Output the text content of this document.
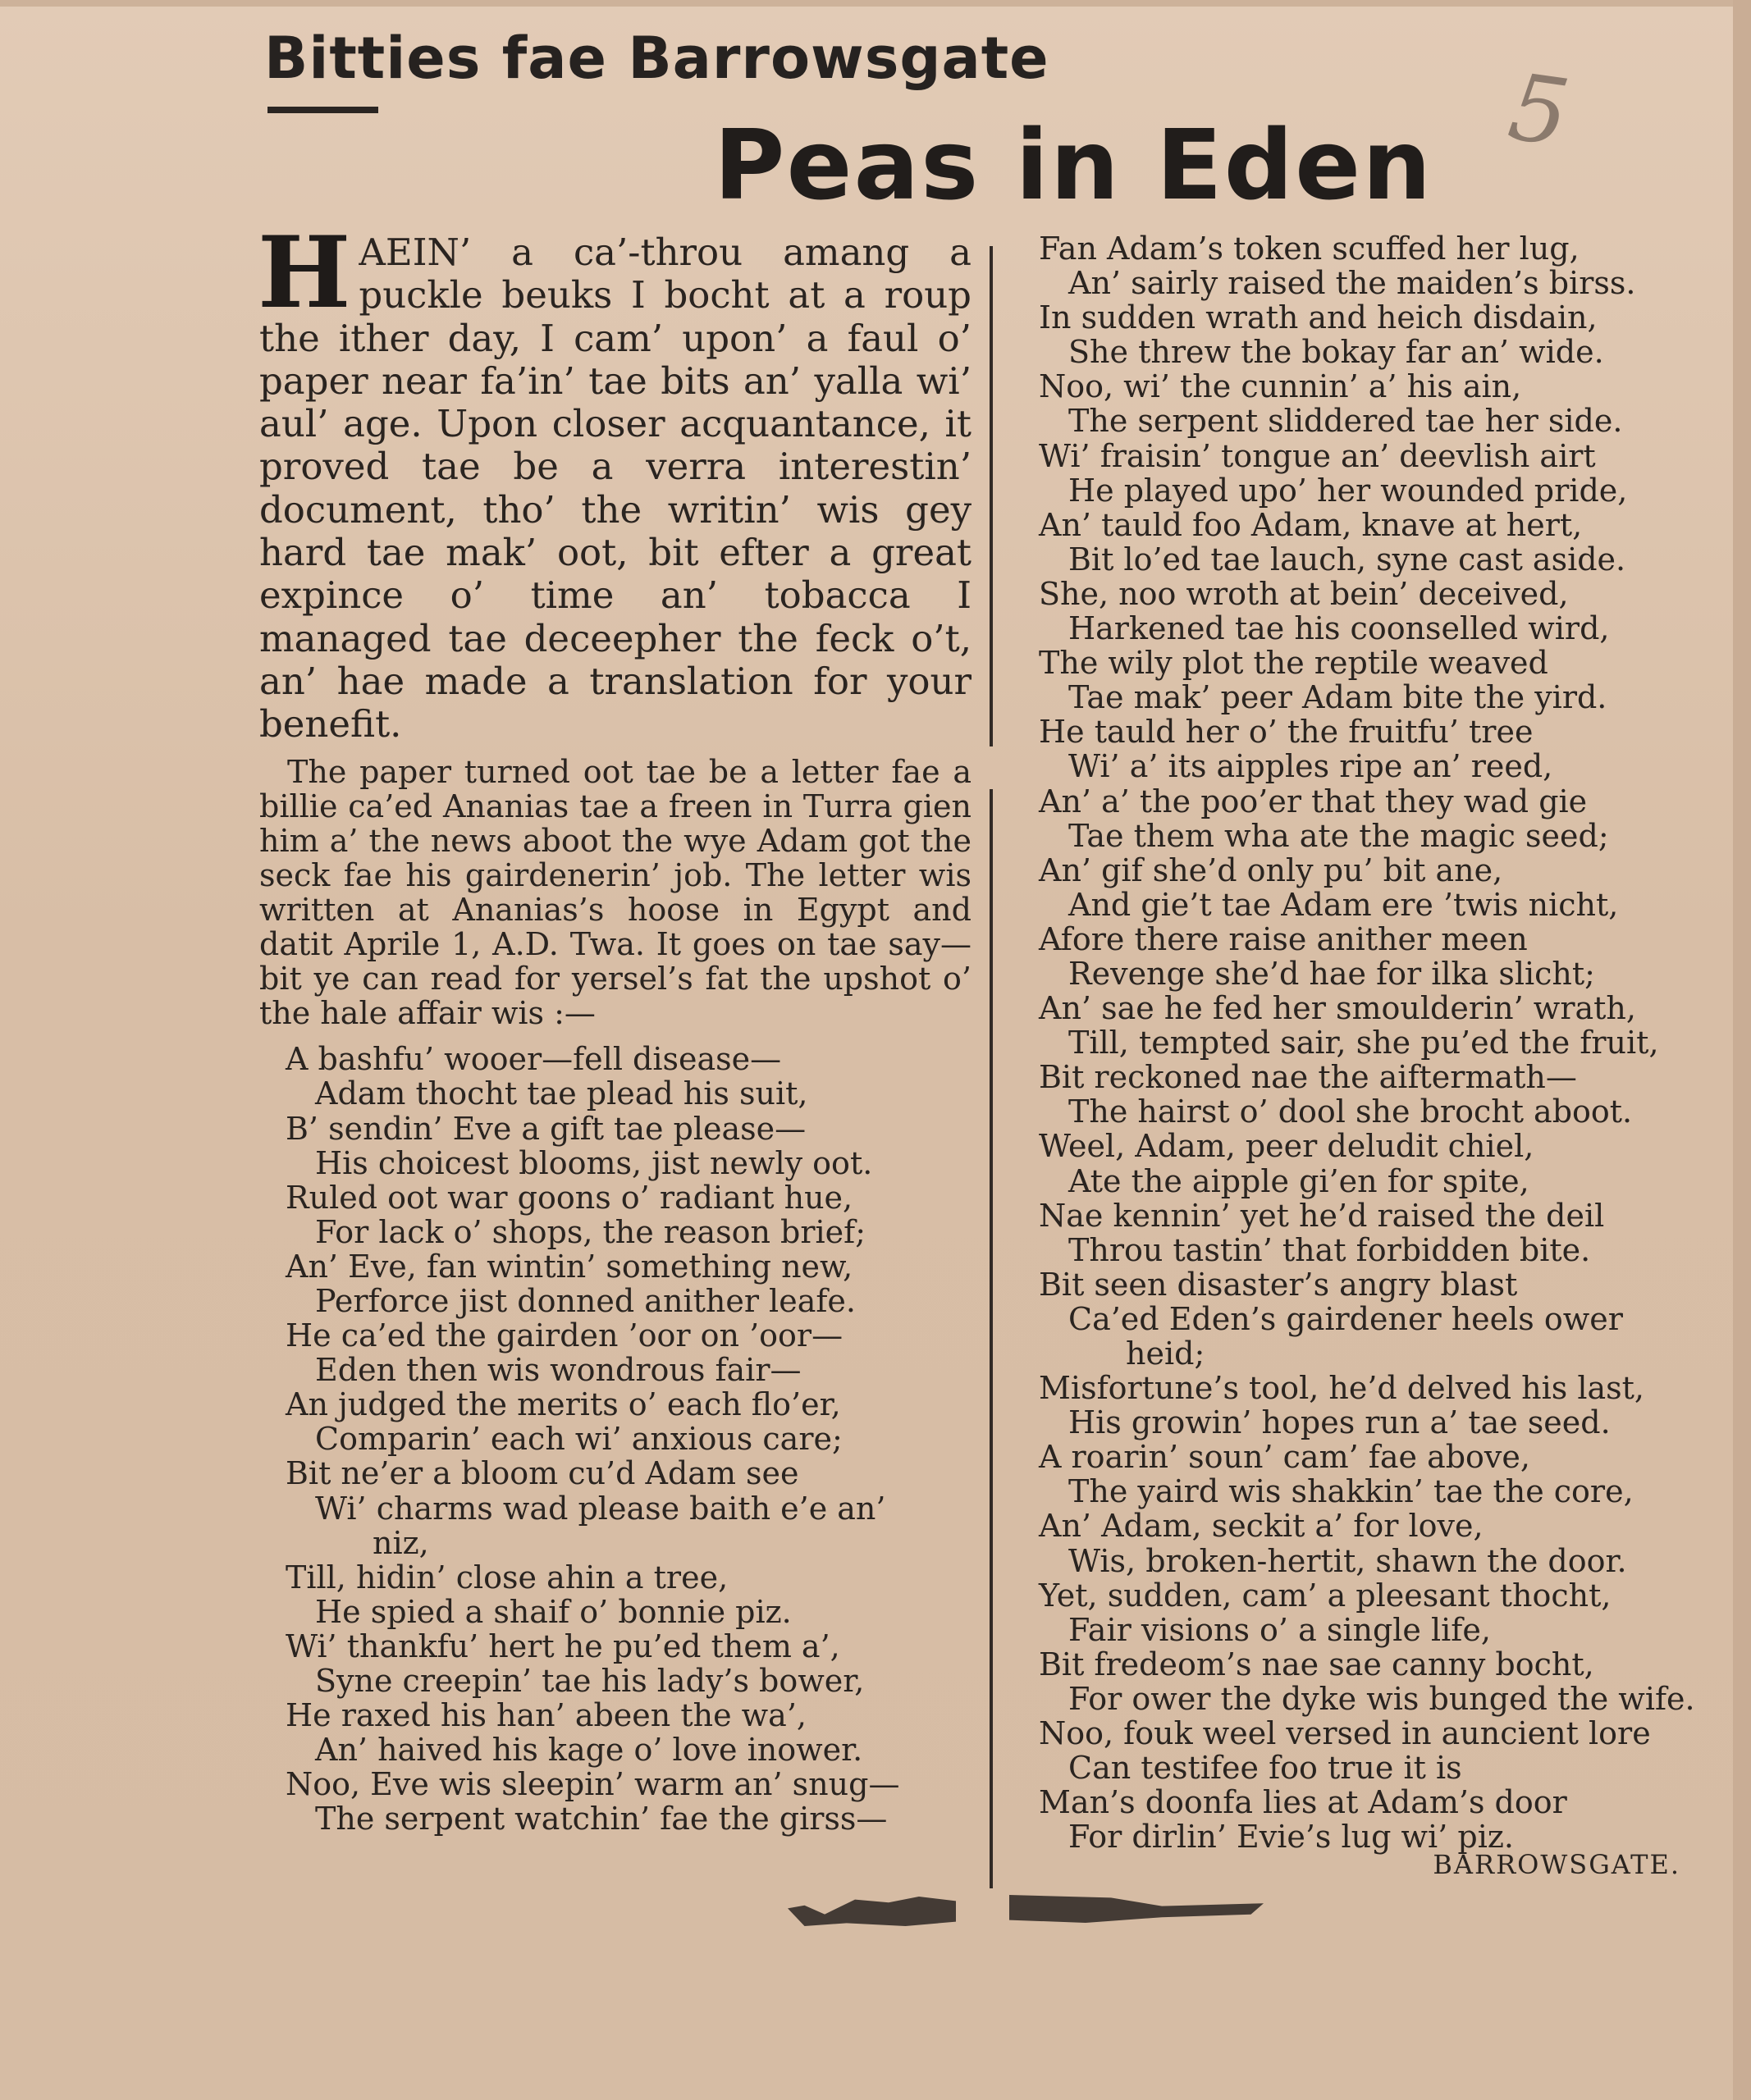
Bitties fae Barrowsgate
Peas in Eden 5

HAEIN’ a ca’-throu amang a puckle beuks I bocht at a roup the ither day, I cam’ upon’ a faul o’ paper near fa’in’ tae bits an’ yalla wi’ aul’ age. Upon closer acquantance, it proved tae be a verra interestin’ document, tho’ the writin’ wis gey hard tae mak’ oot, bit efter a great expince o’ time an’ tobacca I managed tae deceepher the feck o’t, an’ hae made a translation for your benefit.

The paper turned oot tae be a letter fae a billie ca’ed Ananias tae a freen in Turra gien him a’ the news aboot the wye Adam got the seck fae his gairdenerin’ job. The letter wis written at Ananias’s hoose in Egypt and datit Aprile 1, A.D. Twa. It goes on tae say—bit ye can read for yersel’s fat the upshot o’ the hale affair wis :—

A bashfu’ wooer—fell disease—
Adam thocht tae plead his suit,
B’ sendin’ Eve a gift tae please—
His choicest blooms, jist newly oot.
Ruled oot war goons o’ radiant hue,
For lack o’ shops, the reason brief;
An’ Eve, fan wintin’ something new,
Perforce jist donned anither leafe.
He ca’ed the gairden ’oor on ’oor—
Eden then wis wondrous fair—
An judged the merits o’ each flo’er,
Comparin’ each wi’ anxious care;
Bit ne’er a bloom cu’d Adam see
Wi’ charms wad please baith e’e an’
niz,
Till, hidin’ close ahin a tree,
He spied a shaif o’ bonnie piz.
Wi’ thankfu’ hert he pu’ed them a’,
Syne creepin’ tae his lady’s bower,
He raxed his han’ abeen the wa’,
An’ haived his kage o’ love inower.
Noo, Eve wis sleepin’ warm an’ snug—
The serpent watchin’ fae the girss—
Fan Adam’s token scuffed her lug,
An’ sairly raised the maiden’s birss.
In sudden wrath and heich disdain,
She threw the bokay far an’ wide.
Noo, wi’ the cunnin’ a’ his ain,
The serpent sliddered tae her side.
Wi’ fraisin’ tongue an’ deevlish airt
He played upo’ her wounded pride,
An’ tauld foo Adam, knave at hert,
Bit lo’ed tae lauch, syne cast aside.
She, noo wroth at bein’ deceived,
Harkened tae his coonselled wird,
The wily plot the reptile weaved
Tae mak’ peer Adam bite the yird.
He tauld her o’ the fruitfu’ tree
Wi’ a’ its aipples ripe an’ reed,
An’ a’ the poo’er that they wad gie
Tae them wha ate the magic seed;
An’ gif she’d only pu’ bit ane,
And gie’t tae Adam ere ’twis nicht,
Afore there raise anither meen
Revenge she’d hae for ilka slicht;
An’ sae he fed her smoulderin’ wrath,
Till, tempted sair, she pu’ed the fruit,
Bit reckoned nae the aiftermath—
The hairst o’ dool she brocht aboot.
Weel, Adam, peer deludit chiel,
Ate the aipple gi’en for spite,
Nae kennin’ yet he’d raised the deil
Throu tastin’ that forbidden bite.
Bit seen disaster’s angry blast
Ca’ed Eden’s gairdener heels ower
heid;
Misfortune’s tool, he’d delved his last,
His growin’ hopes run a’ tae seed.
A roarin’ soun’ cam’ fae above,
The yaird wis shakkin’ tae the core,
An’ Adam, seckit a’ for love,
Wis, broken-hertit, shawn the door.
Yet, sudden, cam’ a pleesant thocht,
Fair visions o’ a single life,
Bit fredeom’s nae sae canny bocht,
For ower the dyke wis bunged the wife.
Noo, fouk weel versed in auncient lore
Can testifee foo true it is
Man’s doonfa lies at Adam’s door
For dirlin’ Evie’s lug wi’ piz.
BARROWSGATE.
